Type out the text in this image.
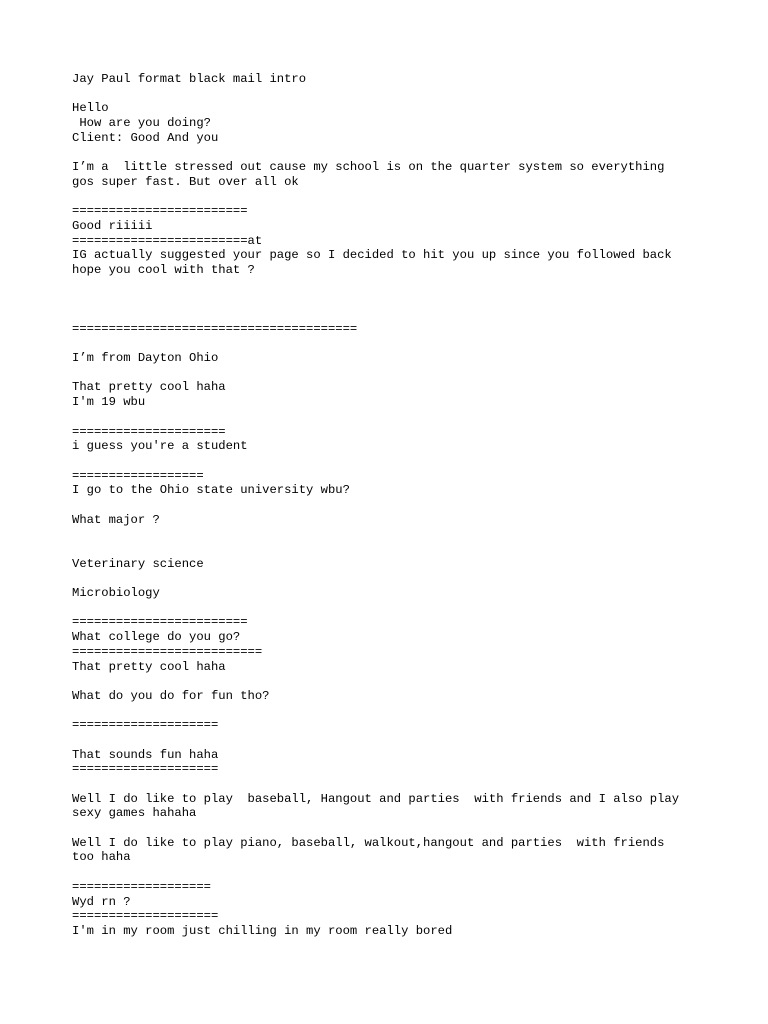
Jay Paul format black mail intro
Hello
How are you doing?
Client: Good And you
I’m a  little stressed out cause my school is on the quarter system so everything
gos super fast. But over all ok
========================
Good riiiii
========================at
IG actually suggested your page so I decided to hit you up since you followed back
hope you cool with that ?
=======================================
I’m from Dayton Ohio
That pretty cool haha
I'm 19 wbu
=====================
i guess you're a student
==================
I go to the Ohio state university wbu?
What major ?
Veterinary science
Microbiology
========================
What college do you go?
==========================
That pretty cool haha
What do you do for fun tho?
====================
That sounds fun haha
====================
Well I do like to play  baseball, Hangout and parties  with friends and I also play
sexy games hahaha
Well I do like to play piano, baseball, walkout,hangout and parties  with friends
too haha
===================
Wyd rn ?
====================
I'm in my room just chilling in my room really bored
